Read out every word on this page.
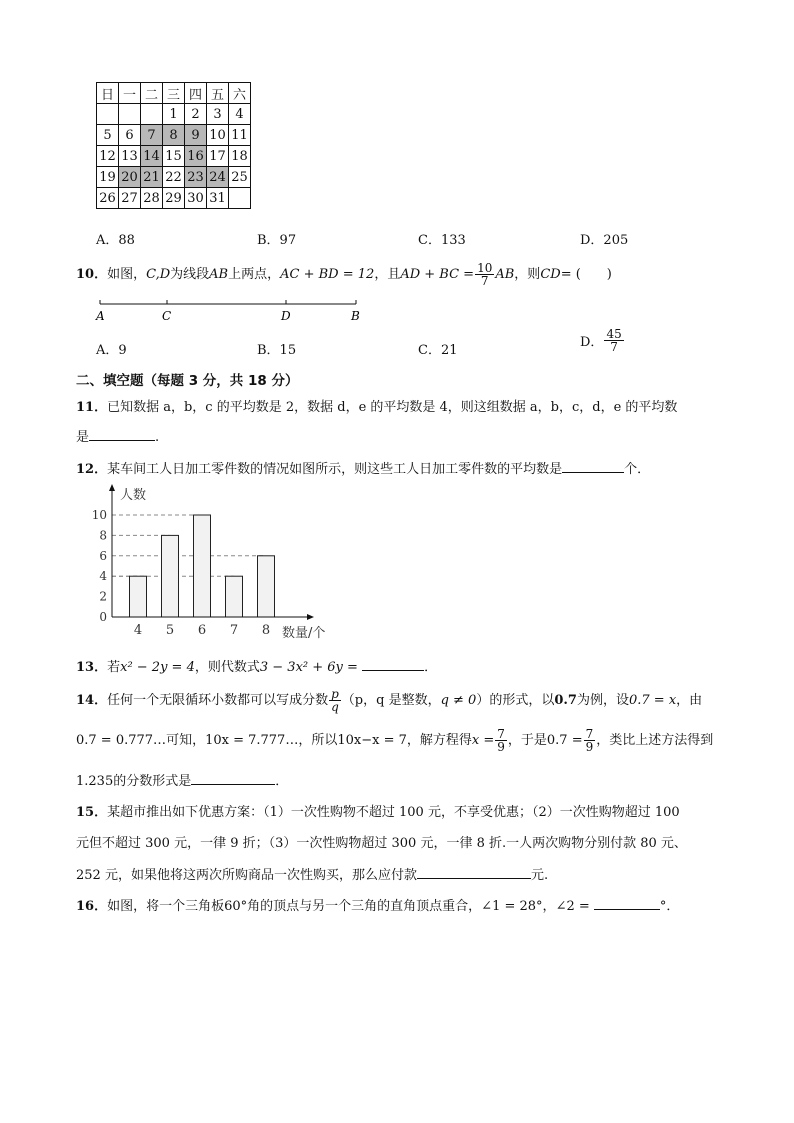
日	一	二	三	四	五	六
			1	2	3	4
5	6	7	8	9	10	11
12	13	14	15	16	17	18
19	20	21	22	23	24	25
26	27	28	29	30	31	
A．88	B．97	C．133	D．205
10．如图，C,D为线段AB上两点，AC + BD = 12，且AD + BC = $\frac{10}{7}$ AB，则CD= (　　)
A	C	D	B
A．9	B．15	C．21
D． $\frac{45}{7}$
二、填空题（每题 3 分，共 18 分）
11．已知数据 a，b，c 的平均数是 2，数据 d，e 的平均数是 4，则这组数据 a，b，c，d，e 的平均数
是	.
12．某车间工人日加工零件数的情况如图所示，则这些工人日加工零件数的平均数是	个．
0
2
4
6
8
10
4 5 6 7 8
人数
数量/个
13．若x² − 2y = 4，则代数式3 − 3x² + 6y =	．
14．任何一个无限循环小数都可以写成分数 $\frac{p}{q} (p$，q 是整数，q ≠ 0）的形式，以0.7为例，设0.7 = x，由
0.7 = 0.777…可知，10x = 7.777…，所以10x−x = 7，解方程得$x = \frac{7}{9}$ ，于是$0.7 = \frac{7}{9}$ ，类比上述方法得到
1.235的分数形式是	．
15．某超市推出如下优惠方案：（1）一次性购物不超过 100 元，不享受优惠；（2）一次性购物超过 100
元但不超过 300 元，一律 9 折；（3）一次性购物超过 300 元，一律 8 折.一人两次购物分别付款 80 元、
252 元，如果他将这两次所购商品一次性购买，那么应付款	元.
16．如图，将一个三角板60°角的顶点与另一个三角的直角顶点重合，∠1 = 28°，∠2 =	°．
